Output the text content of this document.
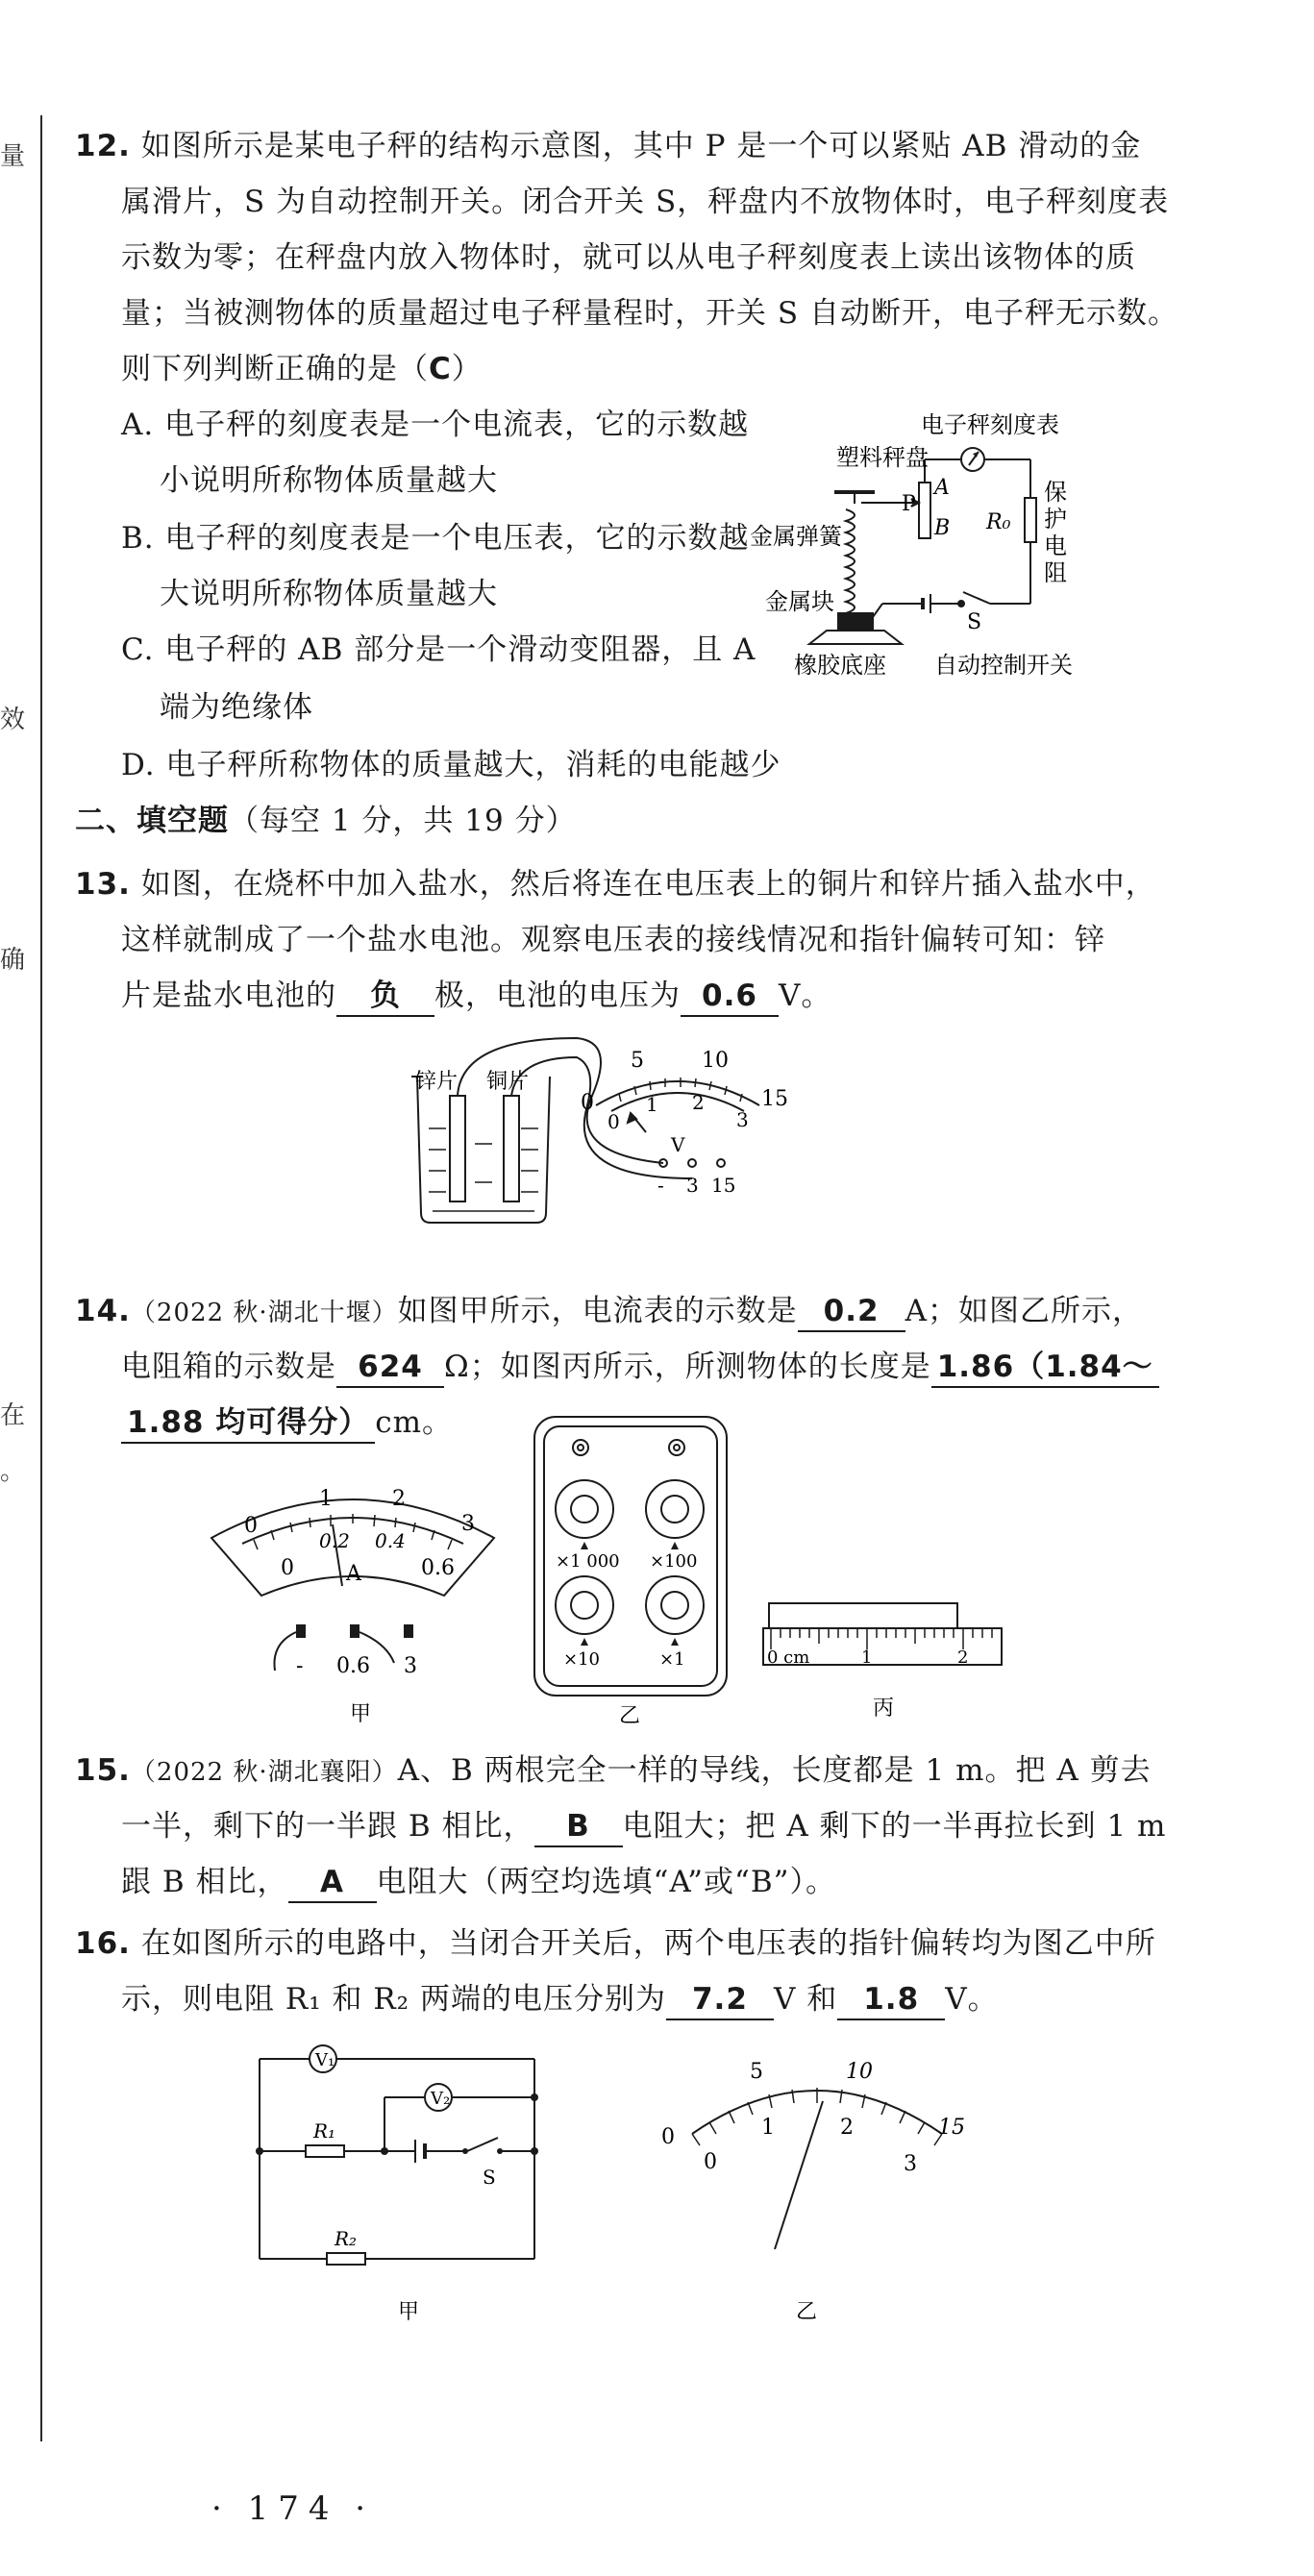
量
效
确
在
。
12. 如图所示是某电子秤的结构示意图，其中 P 是一个可以紧贴 AB 滑动的金
属滑片，S 为自动控制开关。闭合开关 S，秤盘内不放物体时，电子秤刻度表
示数为零；在秤盘内放入物体时，就可以从电子秤刻度表上读出该物体的质
量；当被测物体的质量超过电子秤量程时，开关 S 自动断开，电子秤无示数。
则下列判断正确的是（C）
A. 电子秤的刻度表是一个电流表，它的示数越
小说明所称物体质量越大
B. 电子秤的刻度表是一个电压表，它的示数越
大说明所称物体质量越大
C. 电子秤的 AB 部分是一个滑动变阻器，且 A
端为绝缘体
D. 电子秤所称物体的质量越大，消耗的电能越少
塑料秤盘
电子秤刻度表
金属弹簧
金属块
橡胶底座 自动控制开关
P
A
B R₀
S
保
护
电
阻
二、填空题（每空 1 分，共 19 分）
13. 如图，在烧杯中加入盐水，然后将连在电压表上的铜片和锌片插入盐水中，
这样就制成了一个盐水电池。观察电压表的接线情况和指针偏转可知：锌
片是盐水电池的 负 极，电池的电压为 0.6 V。
锌片 铜片
0
5	10
15
0
1 2
3
V
- 3 15
14.（2022 秋·湖北十堰）如图甲所示，电流表的示数是 0.2 A；如图乙所示，
电阻箱的示数是 624 Ω；如图丙所示，所测物体的长度是 1.86（1.84～
1.88 均可得分） cm。
0
1	2
3
0
0.2 0.4
0.6
A
- 0.6 3
甲
×1 000 ×100
×10	×1
乙
0 cm	1	2
丙
15.（2022 秋·湖北襄阳）A、B 两根完全一样的导线，长度都是 1 m。把 A 剪去
一半，剩下的一半跟 B 相比， B 电阻大；把 A 剩下的一半再拉长到 1 m
跟 B 相比， A 电阻大（两空均选填“A”或“B”）。
16. 在如图所示的电路中，当闭合开关后，两个电压表的指针偏转均为图乙中所
示，则电阻 R₁ 和 R₂ 两端的电压分别为 7.2 V 和 1.8 V。
V₁
V₂
R₁
R₂
S
甲
0
5	10
15
0
1	2
3
乙
· 174 ·
